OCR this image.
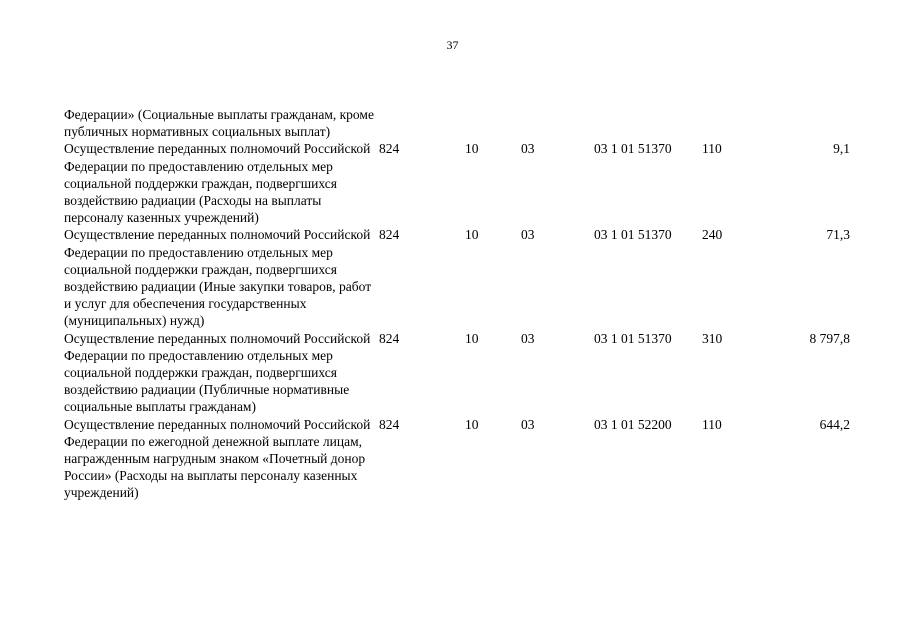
37
Федерации» (Социальные выплаты гражданам, кроме публичных нормативных социальных выплат)
Осуществление переданных полномочий Российской Федерации по предоставлению отдельных мер социальной поддержки граждан, подвергшихся воздействию радиации (Расходы на выплаты персоналу казенных учреждений)
824	10	03	03 1 01 51370 110	9,1
Осуществление переданных полномочий Российской Федерации по предоставлению отдельных мер социальной поддержки граждан, подвергшихся воздействию радиации (Иные закупки товаров, работ и услуг для обеспечения государственных (муниципальных) нужд)
824	10	03	03 1 01 51370 240	71,3
Осуществление переданных полномочий Российской Федерации по предоставлению отдельных мер социальной поддержки граждан, подвергшихся воздействию радиации (Публичные нормативные социальные выплаты гражданам)
824	10	03	03 1 01 51370 310	8 797,8
Осуществление переданных полномочий Российской Федерации по ежегодной денежной выплате лицам, награжденным нагрудным знаком «Почетный донор России» (Расходы на выплаты персоналу казенных учреждений)
824	10	03	03 1 01 52200 110	644,2
